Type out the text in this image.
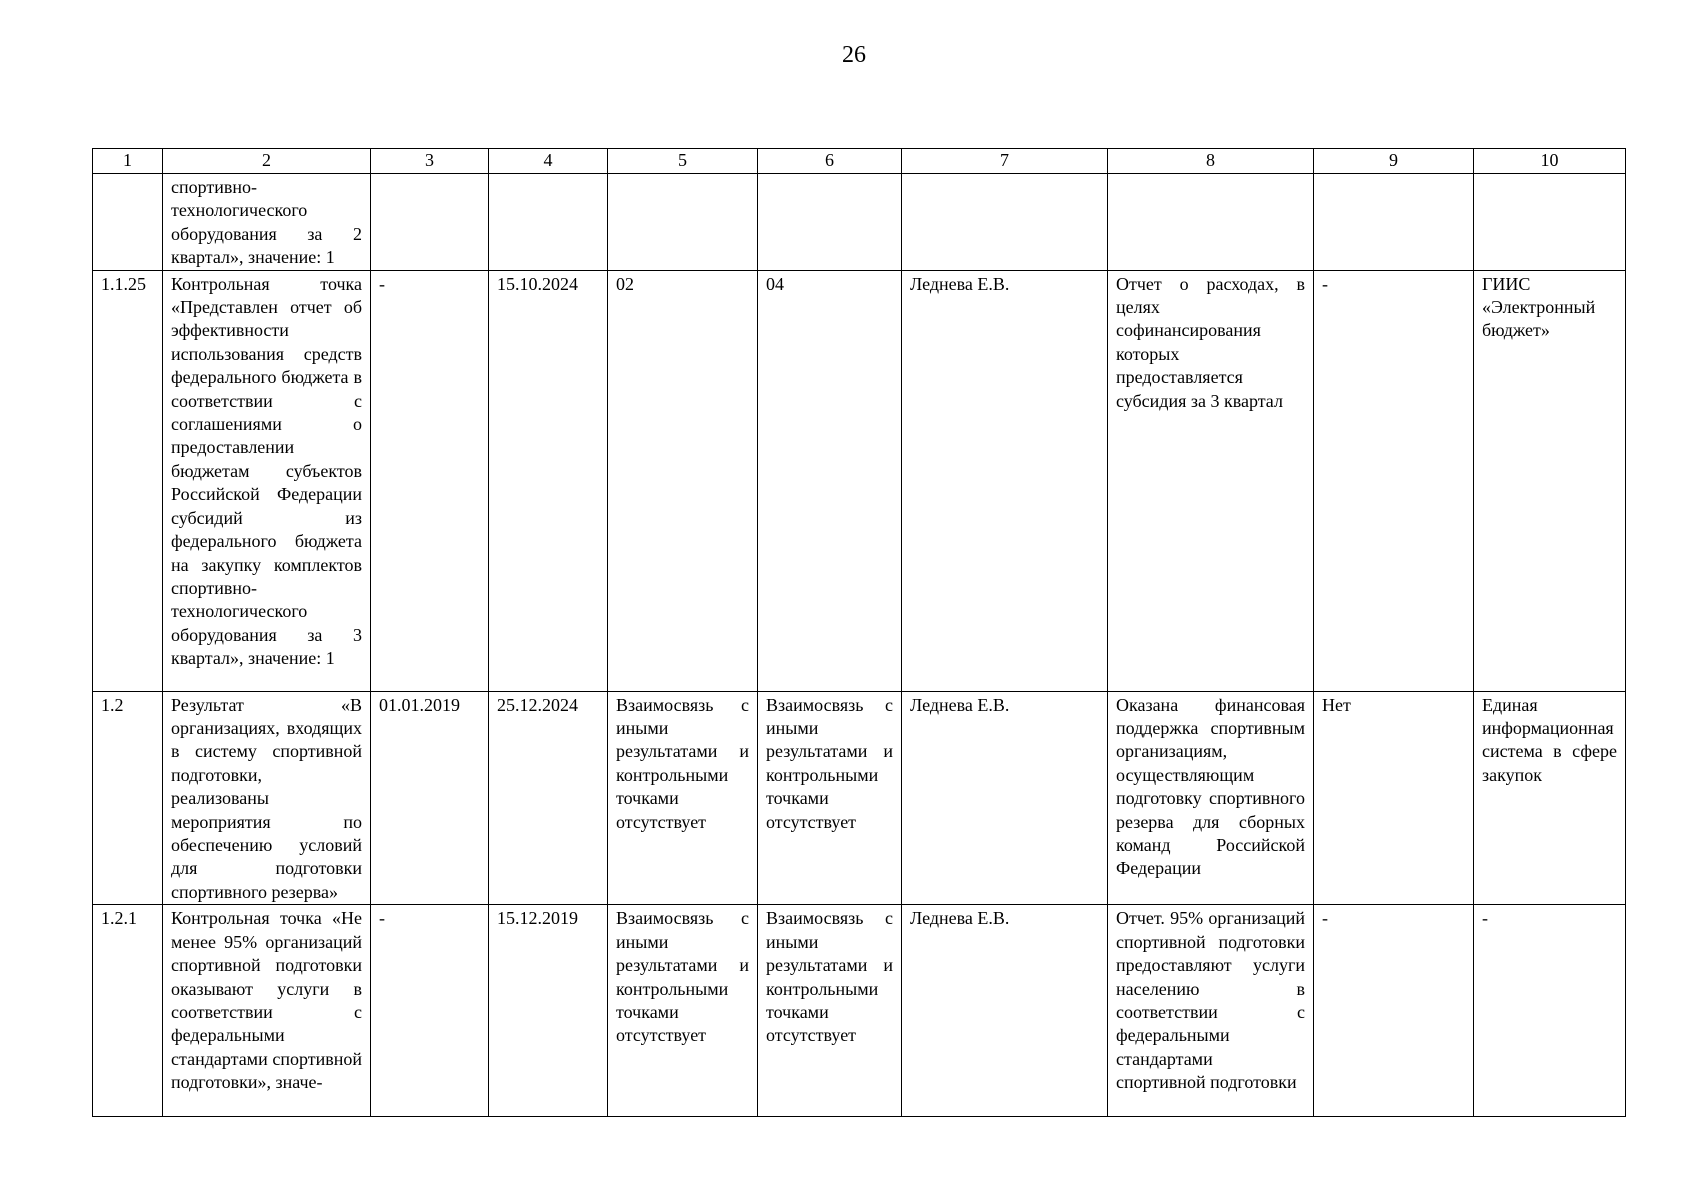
26
1	2	3	4	5	6	7	8	9	10
	спортивно-технологического оборудования за 2 квартал», значение: 1								
1.1.25	Контрольная точка «Представлен отчет об эффективности использования средств федерального бюджета в соответствии с соглашениями о предоставлении бюджетам субъектов Российской Федерации субсидий из федерального бюджета на закупку комплектов спортивно-технологического оборудования за 3 квартал», значение: 1	-	15.10.2024	02	04	Леднева Е.В.	Отчет о расходах, в целях софинансирования которых предоставляется субсидия за 3 квартал	-	ГИИС «Электронный бюджет»
1.2	Результат «В организациях, входящих в систему спортивной подготовки, реализованы мероприятия по обеспечению условий для подготовки спортивного резерва»	01.01.2019	25.12.2024	Взаимосвязь с иными результатами и контрольными точками отсутствует	Взаимосвязь с иными результатами и контрольными точками отсутствует	Леднева Е.В.	Оказана финансовая поддержка спортивным организациям, осуществляющим подготовку спортивного резерва для сборных команд Российской Федерации	Нет	Единая информационная система в сфере закупок
1.2.1	Контрольная точка «Не менее 95% организаций спортивной подготовки оказывают услуги в соответствии с федеральными стандартами спортивной подготовки», значе-	-	15.12.2019	Взаимосвязь с иными результатами и контрольными точками отсутствует	Взаимосвязь с иными результатами и контрольными точками отсутствует	Леднева Е.В.	Отчет. 95% организаций спортивной подготовки предоставляют услуги населению в соответствии с федеральными стандартами спортивной подготовки	-	-
